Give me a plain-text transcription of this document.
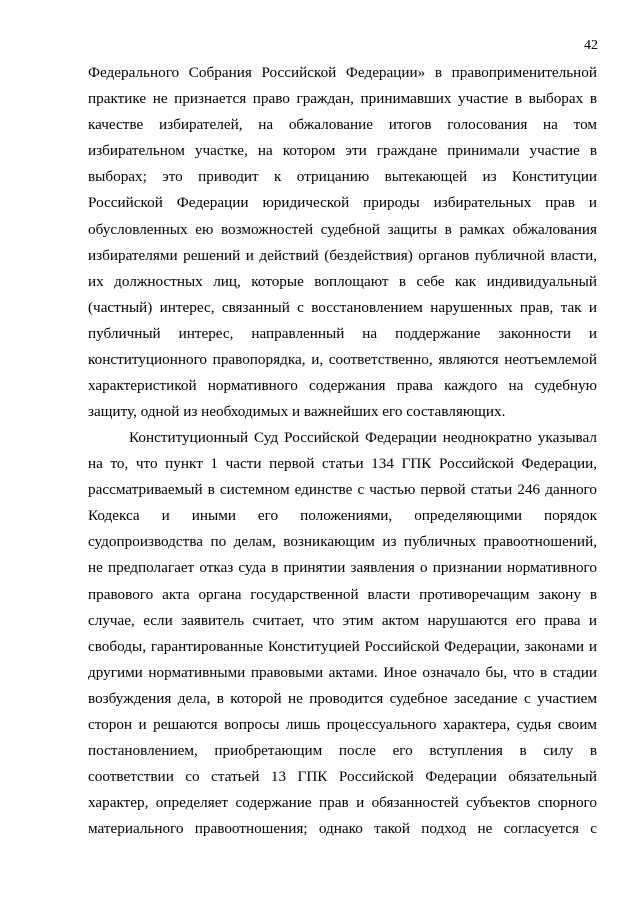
42
Федерального Собрания Российской Федерации» в правоприменительной
практике не признается право граждан, принимавших участие в выборах в
качестве избирателей, на обжалование итогов голосования на том
избирательном участке, на котором эти граждане принимали участие в
выборах; это приводит к отрицанию вытекающей из Конституции
Российской Федерации юридической природы избирательных прав и
обусловленных ею возможностей судебной защиты в рамках обжалования
избирателями решений и действий (бездействия) органов публичной власти,
их должностных лиц, которые воплощают в себе как индивидуальный
(частный) интерес, связанный с восстановлением нарушенных прав, так и
публичный интерес, направленный на поддержание законности и
конституционного правопорядка, и, соответственно, являются неотъемлемой
характеристикой нормативного содержания права каждого на судебную
защиту, одной из необходимых и важнейших его составляющих.
Конституционный Суд Российской Федерации неоднократно указывал
на то, что пункт 1 части первой статьи 134 ГПК Российской Федерации,
рассматриваемый в системном единстве с частью первой статьи 246 данного
Кодекса и иными его положениями, определяющими порядок
судопроизводства по делам, возникающим из публичных правоотношений,
не предполагает отказ суда в принятии заявления о признании нормативного
правового акта органа государственной власти противоречащим закону в
случае, если заявитель считает, что этим актом нарушаются его права и
свободы, гарантированные Конституцией Российской Федерации, законами и
другими нормативными правовыми актами. Иное означало бы, что в стадии
возбуждения дела, в которой не проводится судебное заседание с участием
сторон и решаются вопросы лишь процессуального характера, судья своим
постановлением, приобретающим после его вступления в силу в
соответствии со статьей 13 ГПК Российской Федерации обязательный
характер, определяет содержание прав и обязанностей субъектов спорного
материального правоотношения; однако такой подход не согласуется с
